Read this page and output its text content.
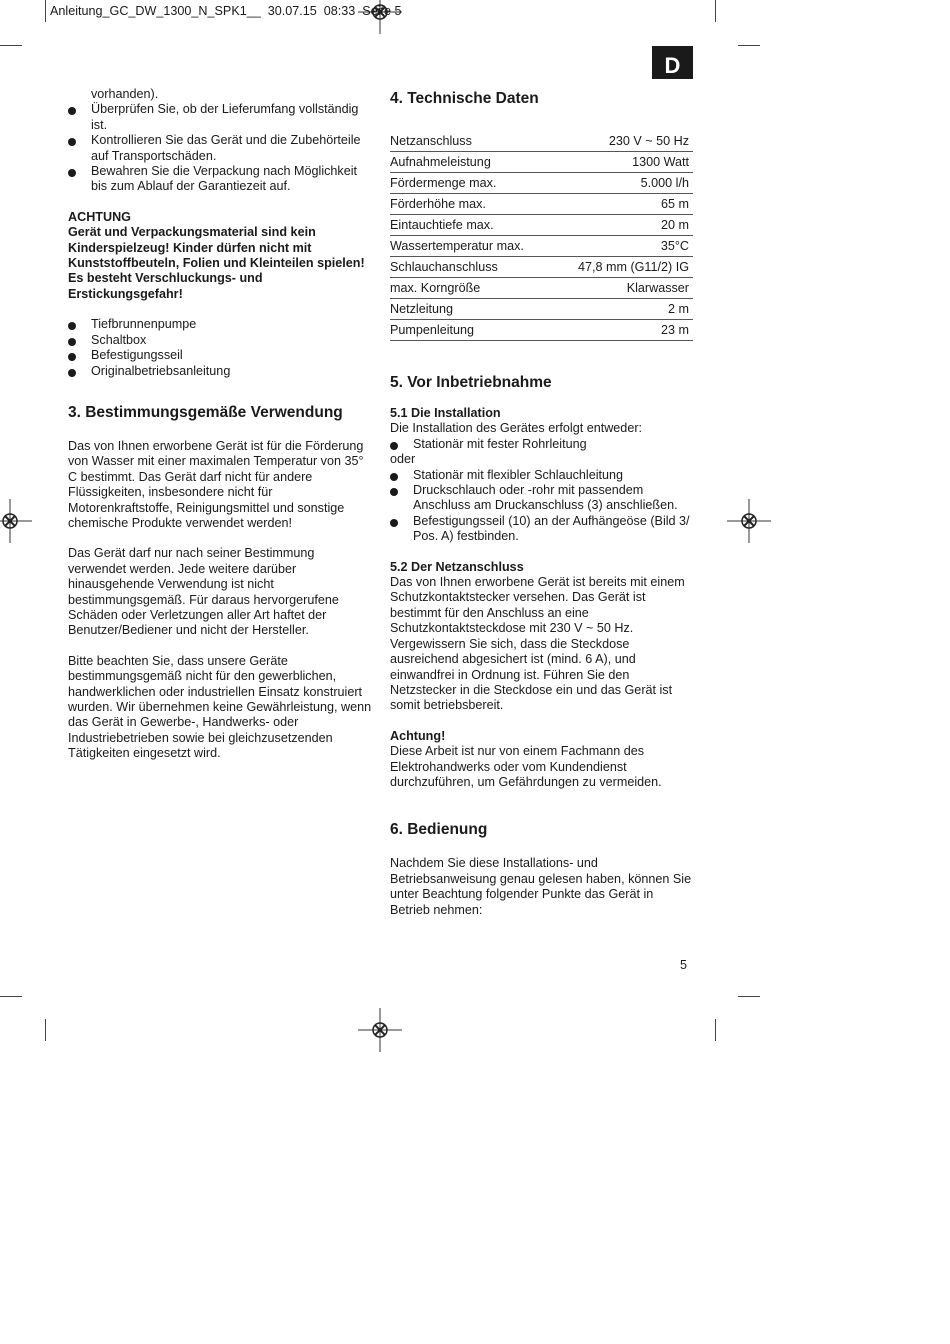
Anleitung_GC_DW_1300_N_SPK1__  30.07.15  08:33  Seite 5
D

vorhanden).

Überprüfen Sie, ob der Lieferumfang vollständig ist.
Kontrollieren Sie das Gerät und die Zubehörteile auf Transportschäden.
Bewahren Sie die Verpackung nach Möglichkeit bis zum Ablauf der Garantiezeit auf.

ACHTUNG

Gerät und Verpackungsmaterial sind kein Kinderspielzeug! Kinder dürfen nicht mit Kunststoffbeuteln, Folien und Kleinteilen spielen! Es besteht Verschluckungs- und Erstickungsgefahr!

Tiefbrunnenpumpe
Schaltbox
Befestigungsseil
Originalbetriebsanleitung
3. Bestimmungsgemäße Verwendung

Das von Ihnen erworbene Gerät ist für die Förderung von Wasser mit einer maximalen Temperatur von 35° C bestimmt. Das Gerät darf nicht für andere Flüssigkeiten, insbesondere nicht für Motorenkraftstoffe, Reinigungsmittel und sonstige chemische Produkte verwendet werden!

Das Gerät darf nur nach seiner Bestimmung verwendet werden. Jede weitere darüber hinausgehende Verwendung ist nicht bestimmungsgemäß. Für daraus hervorgerufene Schäden oder Verletzungen aller Art haftet der Benutzer/Bediener und nicht der Hersteller.

Bitte beachten Sie, dass unsere Geräte bestimmungsgemäß nicht für den gewerblichen, handwerklichen oder industriellen Einsatz konstruiert wurden. Wir übernehmen keine Gewährleistung, wenn das Gerät in Gewerbe-, Handwerks- oder Industriebetrieben sowie bei gleichzusetzenden Tätigkeiten eingesetzt wird.

4. Technische Daten
Netzanschluss	230 V ~ 50 Hz
Aufnahmeleistung	1300 Watt
Fördermenge max.	5.000 l/h
Förderhöhe max.	65 m
Eintauchtiefe max.	20 m
Wassertemperatur max.	35°C
Schlauchanschluss	47,8 mm (G11/2) IG
max. Korngröße	Klarwasser
Netzleitung	2 m
Pumpenleitung	23 m
5. Vor Inbetriebnahme
5.1 Die Installation

Die Installation des Gerätes erfolgt entweder:

Stationär mit fester Rohrleitung

oder

Stationär mit flexibler Schlauchleitung
Druckschlauch oder -rohr mit passendem Anschluss am Druckanschluss (3) anschließen.
Befestigungsseil (10) an der Aufhängeöse (Bild 3/ Pos. A) festbinden.
5.2 Der Netzanschluss

Das von Ihnen erworbene Gerät ist bereits mit einem Schutzkontaktstecker versehen. Das Gerät ist bestimmt für den Anschluss an eine Schutzkontaktsteckdose mit 230 V ~ 50 Hz. Vergewissern Sie sich, dass die Steckdose ausreichend abgesichert ist (mind. 6 A), und einwandfrei in Ordnung ist. Führen Sie den Netzstecker in die Steckdose ein und das Gerät ist somit betriebsbereit.

Achtung!

Diese Arbeit ist nur von einem Fachmann des Elektrohandwerks oder vom Kundendienst durchzuführen, um Gefährdungen zu vermeiden.

6. Bedienung

Nachdem Sie diese Installations- und Betriebsanweisung genau gelesen haben, können Sie unter Beachtung folgender Punkte das Gerät in Betrieb nehmen:

5
